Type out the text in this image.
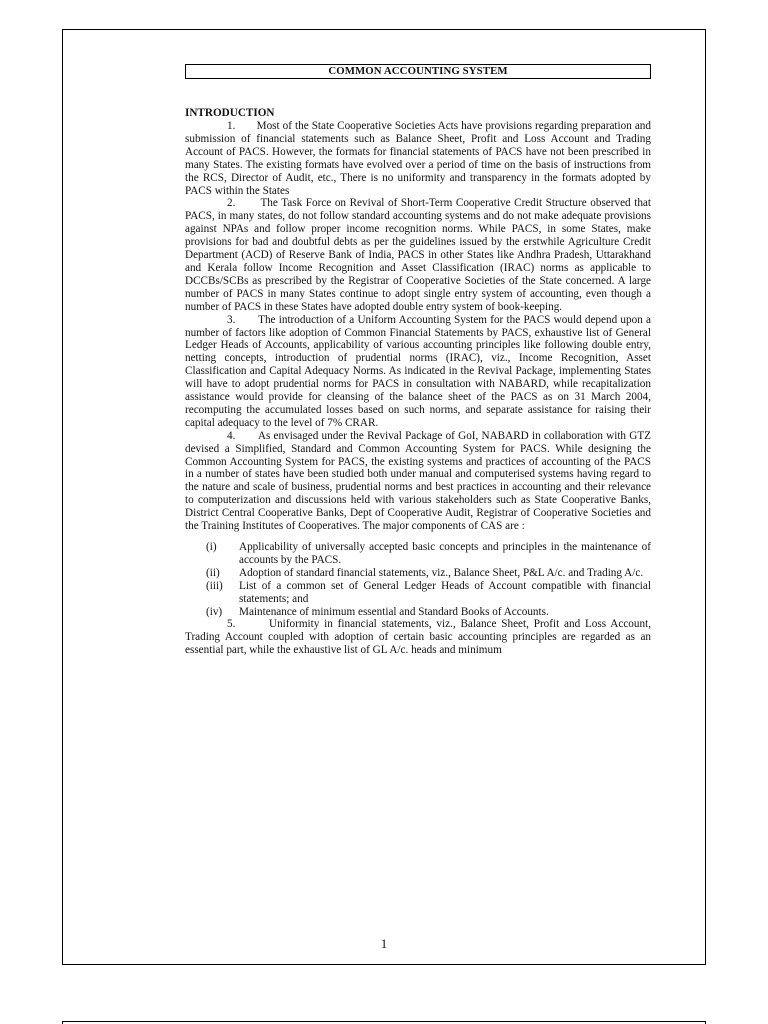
COMMON ACCOUNTING SYSTEM
INTRODUCTION

1.       Most of the State Cooperative Societies Acts have provisions regarding preparation and submission of financial statements such as Balance Sheet, Profit and Loss Account and Trading Account of PACS. However, the formats for financial statements of PACS have not been prescribed in many States. The existing formats have evolved over a period of time on the basis of instructions from the RCS, Director of Audit, etc., There is no uniformity and transparency in the formats adopted by PACS within the States

2.       The Task Force on Revival of Short-Term Cooperative Credit Structure observed that PACS, in many states, do not follow standard accounting systems and do not make adequate provisions against NPAs and follow proper income recognition norms. While PACS, in some States, make provisions for bad and doubtful debts as per the guidelines issued by the erstwhile Agriculture Credit Department (ACD) of Reserve Bank of India, PACS in other States like Andhra Pradesh, Uttarakhand and Kerala follow Income Recognition and Asset Classification (IRAC) norms as applicable to DCCBs/SCBs as prescribed by the Registrar of Cooperative Societies of the State concerned. A large number of PACS in many States continue to adopt single entry system of accounting, even though a number of PACS in these States have adopted double entry system of book-keeping.

3.       The introduction of a Uniform Accounting System for the PACS would depend upon a number of factors like adoption of Common Financial Statements by PACS, exhaustive list of General Ledger Heads of Accounts, applicability of various accounting principles like following double entry, netting concepts, introduction of prudential norms (IRAC), viz., Income Recognition, Asset Classification and Capital Adequacy Norms. As indicated in the Revival Package, implementing States will have to adopt prudential norms for PACS in consultation with NABARD, while recapitalization assistance would provide for cleansing of the balance sheet of the PACS as on 31 March 2004, recomputing the accumulated losses based on such norms, and separate assistance for raising their capital adequacy to the level of 7% CRAR.

4.       As envisaged under the Revival Package of GoI, NABARD in collaboration with GTZ devised a Simplified, Standard and Common Accounting System for PACS. While designing the Common Accounting System for PACS, the existing systems and practices of accounting of the PACS in a number of states have been studied both under manual and computerised systems having regard to the nature and scale of business, prudential norms and best practices in accounting and their relevance to computerization and discussions held with various stakeholders such as State Cooperative Banks, District Central Cooperative Banks, Dept of Cooperative Audit, Registrar of Cooperative Societies and the Training Institutes of Cooperatives. The major components of CAS are :

(i)	Applicability of universally accepted basic concepts and principles in the maintenance of accounts by the PACS.
(ii)	Adoption of standard financial statements, viz., Balance Sheet, P&L A/c. and Trading A/c.
(iii)	List of a common set of General Ledger Heads of Account compatible with financial statements; and
(iv)	Maintenance of minimum essential and Standard Books of Accounts.

5.       Uniformity in financial statements, viz., Balance Sheet, Profit and Loss Account, Trading Account coupled with adoption of certain basic accounting principles are regarded as an essential part, while the exhaustive list of GL A/c. heads and minimum

1
